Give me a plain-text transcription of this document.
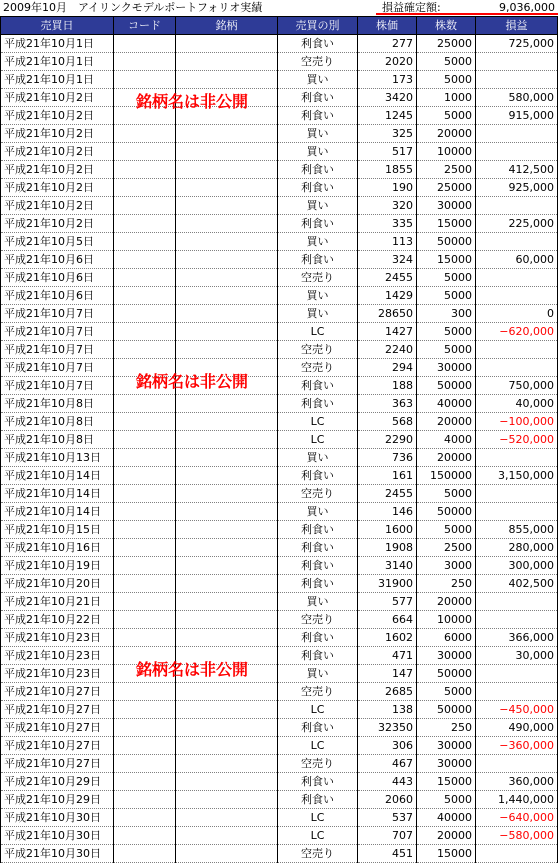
2009年10月　アイリンクモデルポートフォリオ実績	損益確定額:	9,036,000
売買日	コード	銘柄	売買の別	株価	株数	損益
平成21年10月1日			利食い	277	25000	725,000
平成21年10月1日			空売り	2020	5000	
平成21年10月1日			買い	173	5000	
平成21年10月2日			利食い	3420	1000	580,000
平成21年10月2日			利食い	1245	5000	915,000
平成21年10月2日			買い	325	20000	
平成21年10月2日			買い	517	10000	
平成21年10月2日			利食い	1855	2500	412,500
平成21年10月2日			利食い	190	25000	925,000
平成21年10月2日			買い	320	30000	
平成21年10月2日			利食い	335	15000	225,000
平成21年10月5日			買い	113	50000	
平成21年10月6日			利食い	324	15000	60,000
平成21年10月6日			空売り	2455	5000	
平成21年10月6日			買い	1429	5000	
平成21年10月7日			買い	28650	300	0
平成21年10月7日			LC	1427	5000	−620,000
平成21年10月7日			空売り	2240	5000	
平成21年10月7日			空売り	294	30000	
平成21年10月7日			利食い	188	50000	750,000
平成21年10月8日			利食い	363	40000	40,000
平成21年10月8日			LC	568	20000	−100,000
平成21年10月8日			LC	2290	4000	−520,000
平成21年10月13日			買い	736	20000	
平成21年10月14日			利食い	161	150000	3,150,000
平成21年10月14日			空売り	2455	5000	
平成21年10月14日			買い	146	50000	
平成21年10月15日			利食い	1600	5000	855,000
平成21年10月16日			利食い	1908	2500	280,000
平成21年10月19日			利食い	3140	3000	300,000
平成21年10月20日			利食い	31900	250	402,500
平成21年10月21日			買い	577	20000	
平成21年10月22日			空売り	664	10000	
平成21年10月23日			利食い	1602	6000	366,000
平成21年10月23日			利食い	471	30000	30,000
平成21年10月23日			買い	147	50000	
平成21年10月27日			空売り	2685	5000	
平成21年10月27日			LC	138	50000	−450,000
平成21年10月27日			利食い	32350	250	490,000
平成21年10月27日			LC	306	30000	−360,000
平成21年10月27日			空売り	467	30000	
平成21年10月29日			利食い	443	15000	360,000
平成21年10月29日			利食い	2060	5000	1,440,000
平成21年10月30日			LC	537	40000	−640,000
平成21年10月30日			LC	707	20000	−580,000
平成21年10月30日			空売り	451	15000	
銘柄名は非公開
銘柄名は非公開
銘柄名は非公開
